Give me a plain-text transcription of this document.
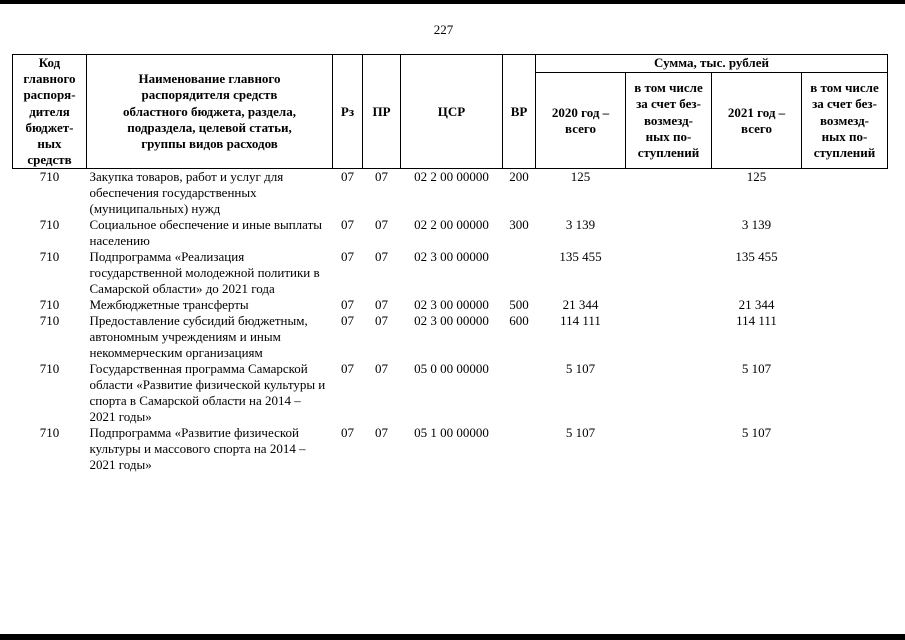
227
Код главного распоря-дителя бюджет-ных средств	Наименование главного распорядителя средств областного бюджета, раздела, подраздела, целевой статьи, группы видов расходов	Рз	ПР	ЦСР	ВР	Сумма, тыс. рублей			

						2020 год – всего	в том числе за счет без-возмезд-ных по-ступлений	2021 год – всего	в том числе за счет без-возмезд-ных по-ступлений

710	Закупка товаров, работ и услуг для обеспечения государственных (муниципальных) нужд	07	07	02 2 00 00000	200	125		125	
710	Социальное обеспечение и иные выплаты населению	07	07	02 2 00 00000	300	3 139		3 139	
710	Подпрограмма «Реализация государственной молодежной политики в Самарской области» до 2021 года	07	07	02 3 00 00000		135 455		135 455	
710	Межбюджетные трансферты	07	07	02 3 00 00000	500	21 344		21 344	
710	Предоставление субсидий бюджетным, автономным учреждениям и иным некоммерческим организациям	07	07	02 3 00 00000	600	114 111		114 111	
710	Государственная программа Самарской области «Развитие физической культуры и спорта в Самарской области на 2014 – 2021 годы»	07	07	05 0 00 00000		5 107		5 107	
710	Подпрограмма «Развитие физической культуры и массового спорта на 2014 – 2021 годы»	07	07	05 1 00 00000		5 107		5 107	
